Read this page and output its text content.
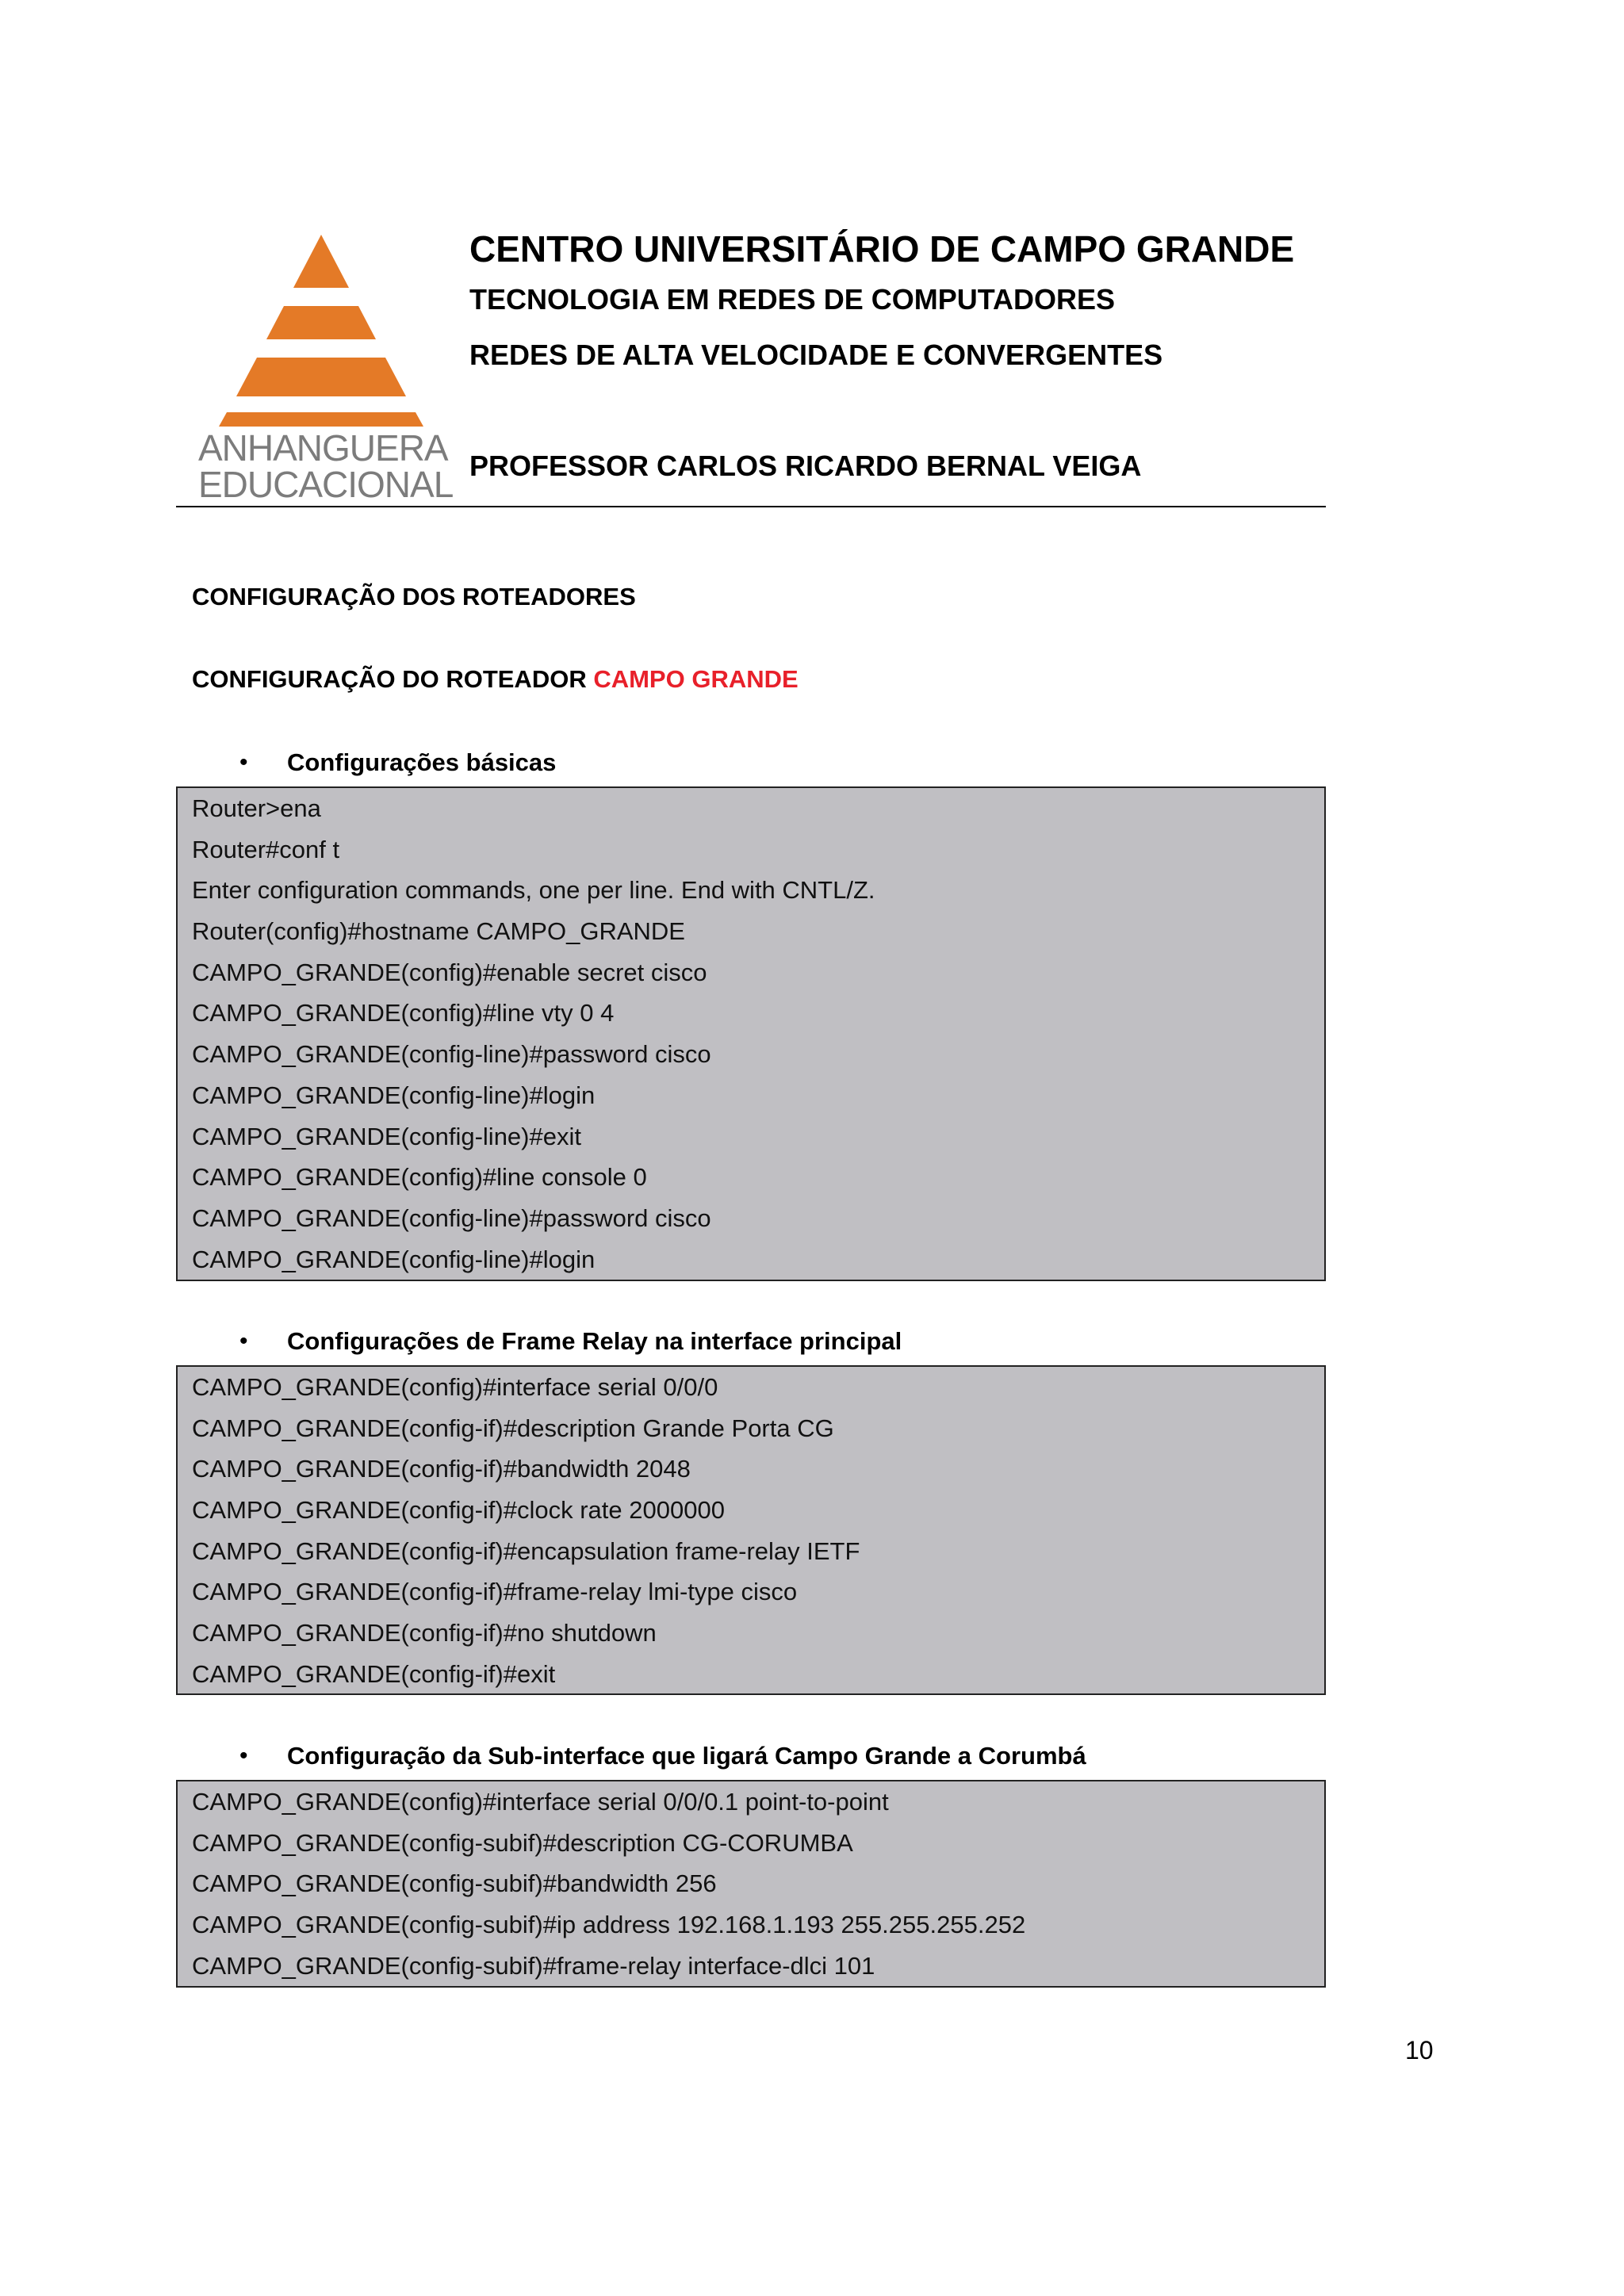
ANHANGUERA
EDUCACIONAL
CENTRO UNIVERSITÁRIO DE CAMPO GRANDE
TECNOLOGIA EM REDES DE COMPUTADORES
REDES DE ALTA VELOCIDADE E CONVERGENTES
PROFESSOR CARLOS RICARDO BERNAL VEIGA
CONFIGURAÇÃO DOS ROTEADORES
CONFIGURAÇÃO DO ROTEADOR CAMPO GRANDE
• Configurações básicas
Router>ena
Router#conf t
Enter configuration commands, one per line. End with CNTL/Z.
Router(config)#hostname CAMPO_GRANDE
CAMPO_GRANDE(config)#enable secret cisco
CAMPO_GRANDE(config)#line vty 0 4
CAMPO_GRANDE(config-line)#password cisco
CAMPO_GRANDE(config-line)#login
CAMPO_GRANDE(config-line)#exit
CAMPO_GRANDE(config)#line console 0
CAMPO_GRANDE(config-line)#password cisco
CAMPO_GRANDE(config-line)#login
• Configurações de Frame Relay na interface principal
CAMPO_GRANDE(config)#interface serial 0/0/0
CAMPO_GRANDE(config-if)#description Grande Porta CG
CAMPO_GRANDE(config-if)#bandwidth 2048
CAMPO_GRANDE(config-if)#clock rate 2000000
CAMPO_GRANDE(config-if)#encapsulation frame-relay IETF
CAMPO_GRANDE(config-if)#frame-relay lmi-type cisco
CAMPO_GRANDE(config-if)#no shutdown
CAMPO_GRANDE(config-if)#exit
• Configuração da Sub-interface que ligará Campo Grande a Corumbá
CAMPO_GRANDE(config)#interface serial 0/0/0.1 point-to-point
CAMPO_GRANDE(config-subif)#description CG-CORUMBA
CAMPO_GRANDE(config-subif)#bandwidth 256
CAMPO_GRANDE(config-subif)#ip address 192.168.1.193 255.255.255.252
CAMPO_GRANDE(config-subif)#frame-relay interface-dlci 101
10
